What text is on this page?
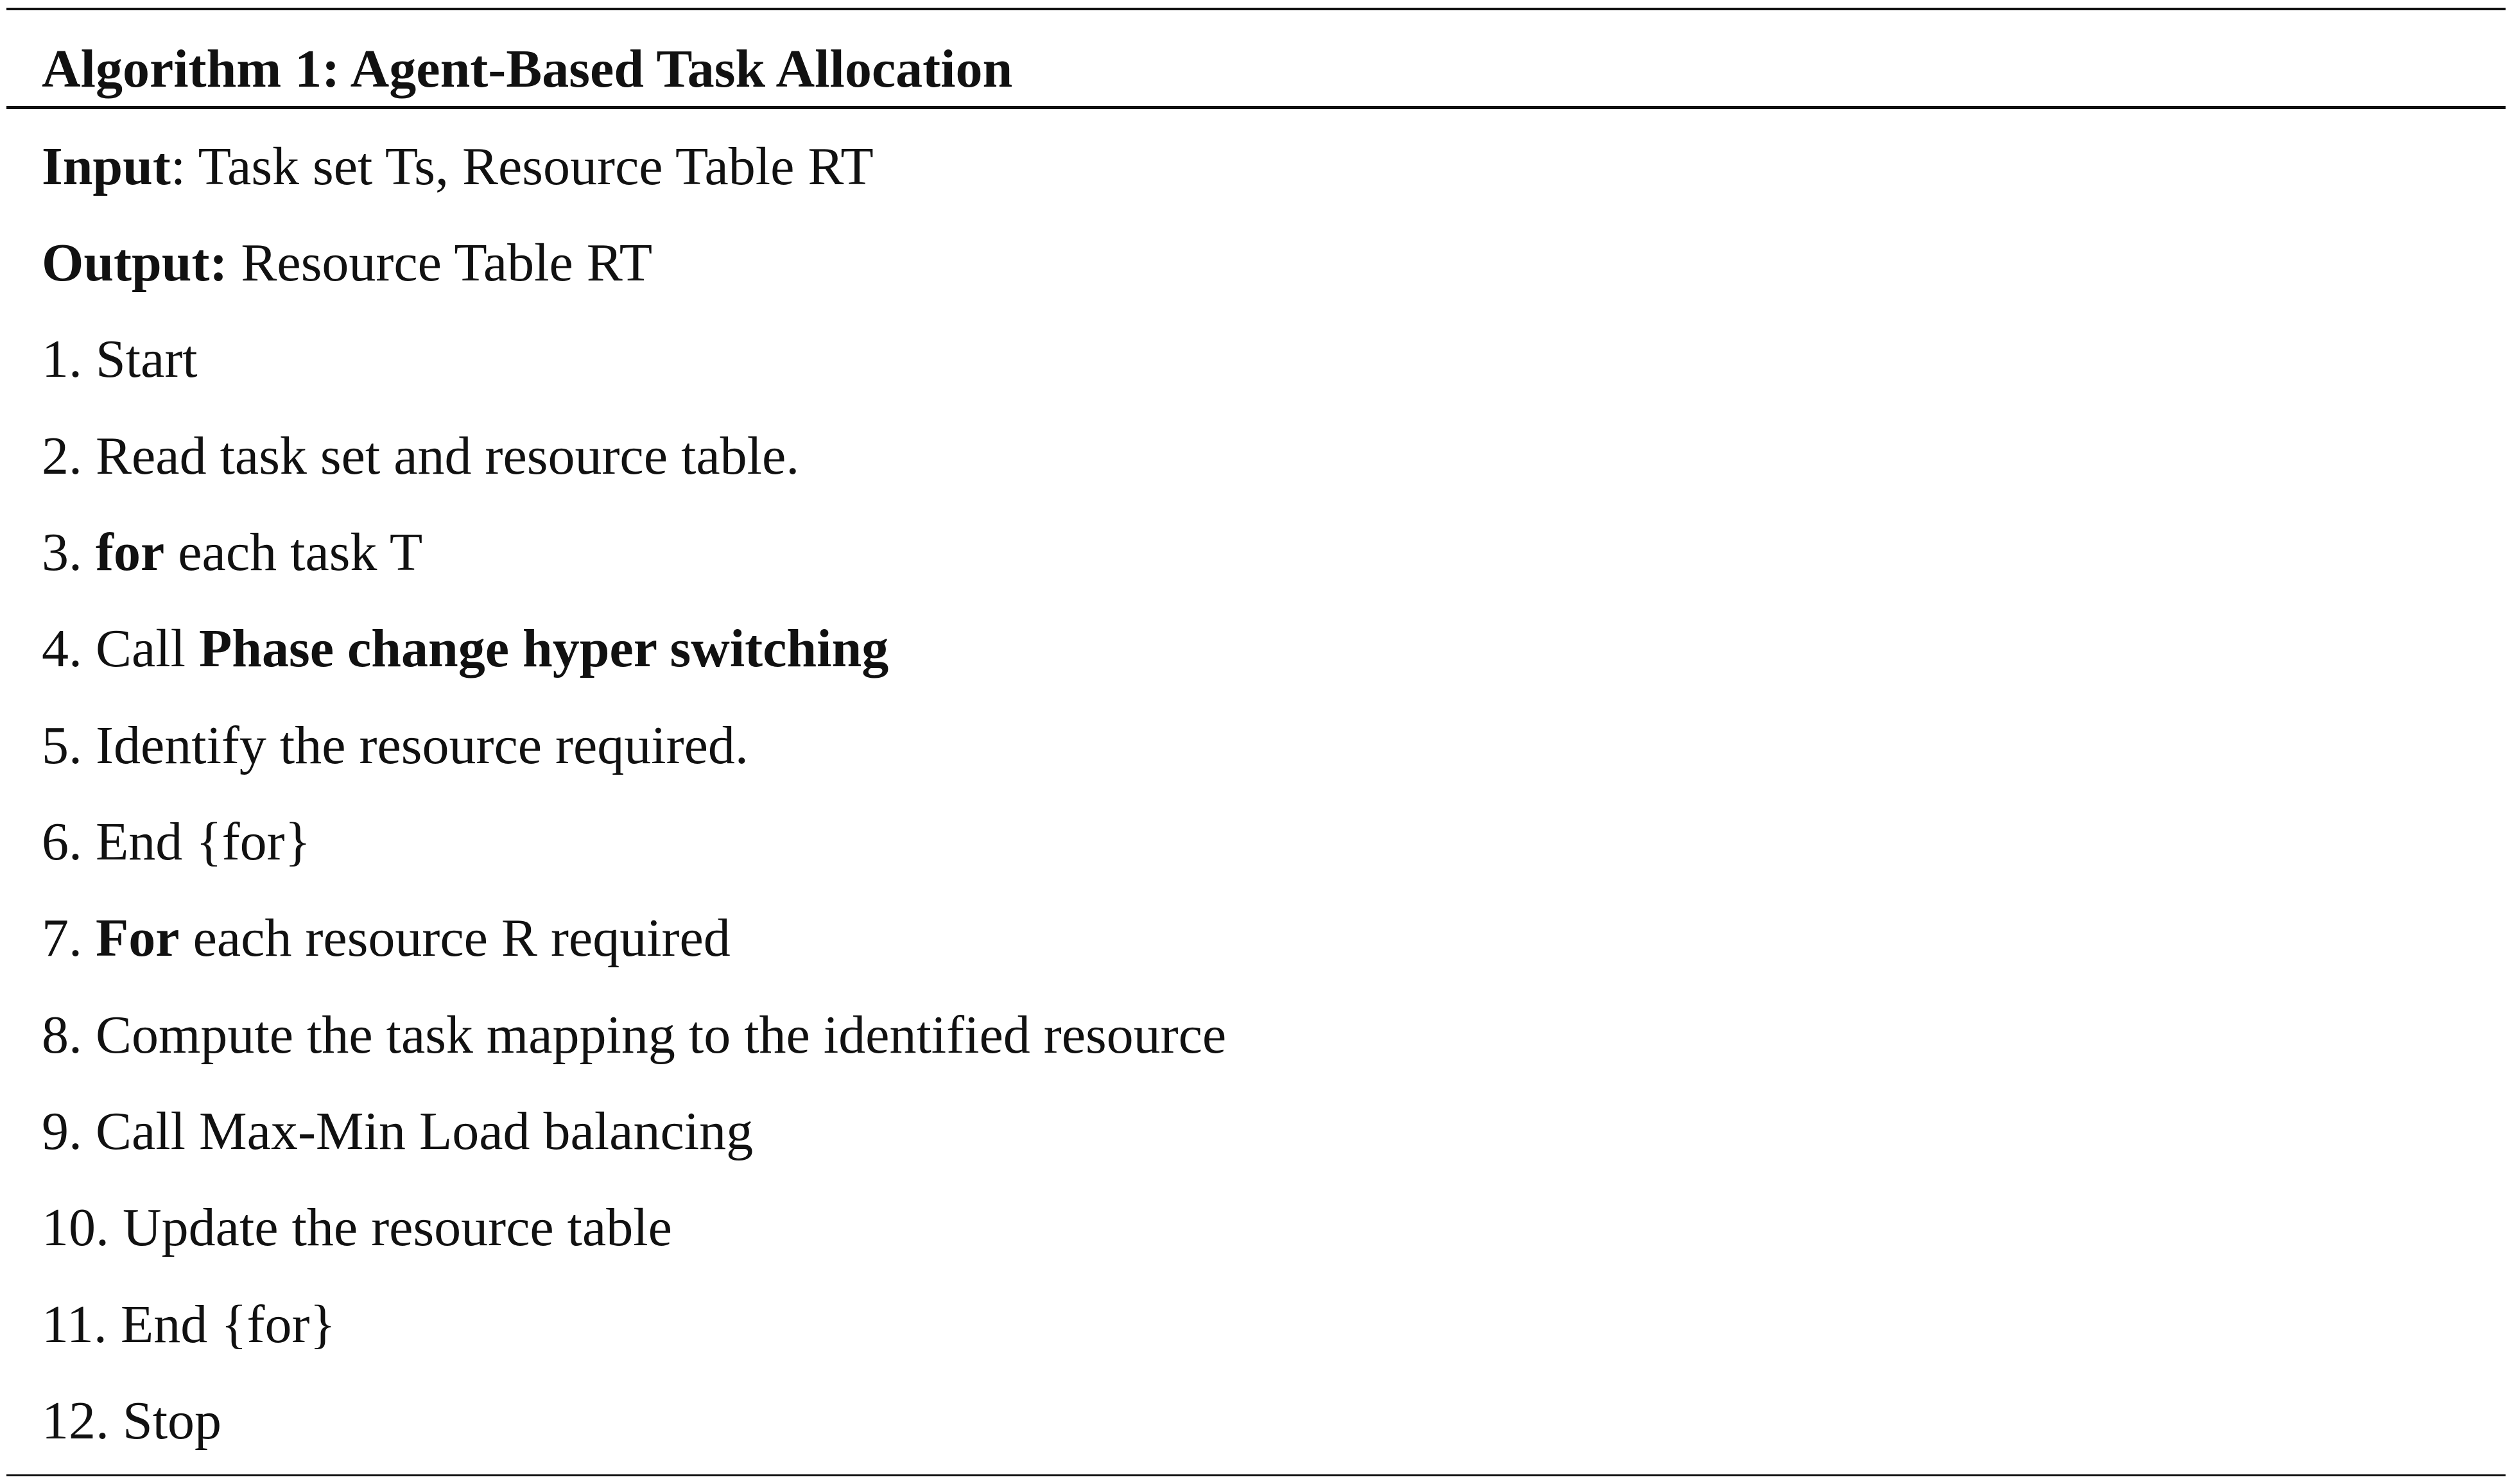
Algorithm 1: Agent-Based Task Allocation
Input: Task set Ts, Resource Table RT
Output: Resource Table RT
1. Start
2. Read task set and resource table.
3. for each task T
4. Call Phase change hyper switching
5. Identify the resource required.
6. End {for}
7. For each resource R required
8. Compute the task mapping to the identified resource
9. Call Max-Min Load balancing
10. Update the resource table
11. End {for}
12. Stop
